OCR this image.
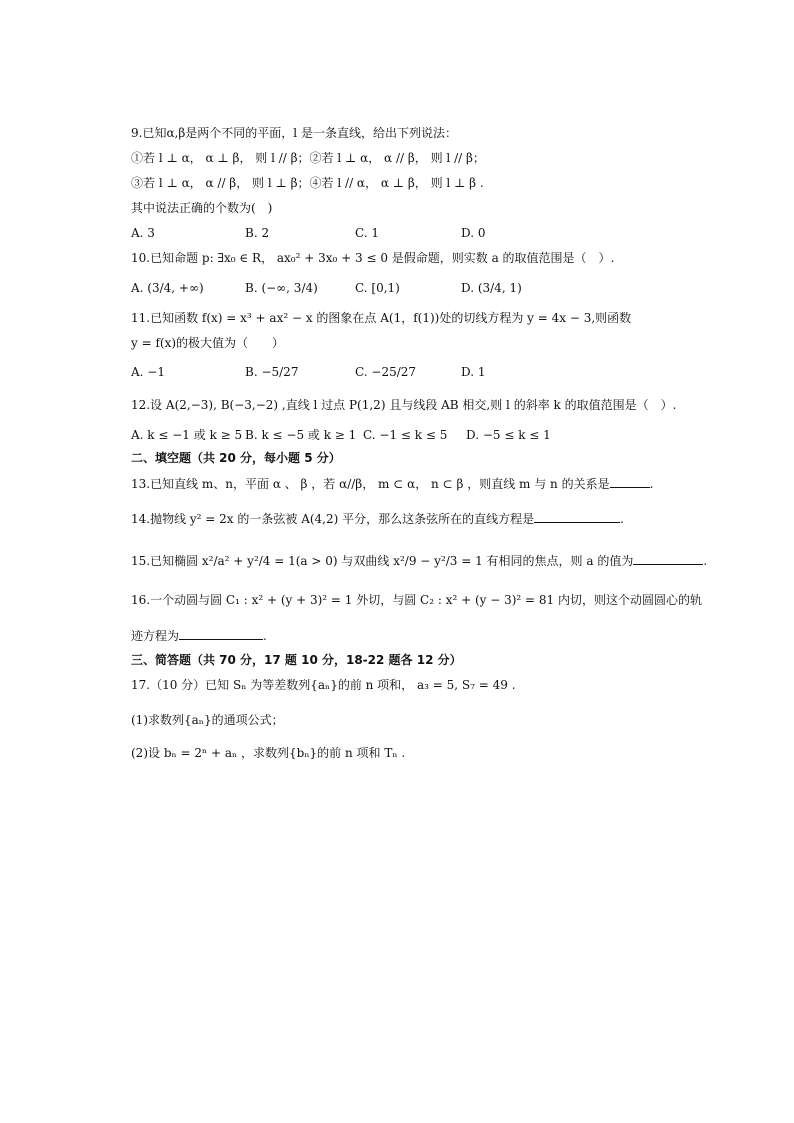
9.已知α,β是两个不同的平面，l 是一条直线，给出下列说法：
①若 l ⊥ α， α ⊥ β， 则 l // β；②若 l ⊥ α， α // β， 则 l // β；
③若 l ⊥ α， α // β， 则 l ⊥ β；④若 l // α， α ⊥ β， 则 l ⊥ β .
其中说法正确的个数为(　)
A. 3	B. 2	C. 1	D. 0
10.已知命题 p: ∃x₀ ∈ R， ax₀² + 3x₀ + 3 ≤ 0 是假命题，则实数 a 的取值范围是（　）.
A. (3/4, +∞)	B. (−∞, 3/4)	C. [0,1)	D. (3/4, 1)
11.已知函数 f(x) = x³ + ax² − x 的图象在点 A(1，f(1))处的切线方程为 y = 4x − 3,则函数
y = f(x)的极大值为（　　）
A. −1	B. −5/27	C. −25/27	D. 1
12.设 A(2,−3), B(−3,−2) ,直线 l 过点 P(1,2) 且与线段 AB 相交,则 l 的斜率 k 的取值范围是（　）.
A. k ≤ −1 或 k ≥ 5 B. k ≤ −5 或 k ≥ 1 C. −1 ≤ k ≤ 5 D. −5 ≤ k ≤ 1
二、填空题（共 20 分，每小题 5 分）
13.已知直线 m、n，平面 α 、 β ，若 α//β， m ⊂ α， n ⊂ β ，则直线 m 与 n 的关系是	.
14.抛物线 y² = 2x 的一条弦被 A(4,2) 平分，那么这条弦所在的直线方程是	.
15.已知椭圆 x²/a² + y²/4 = 1(a > 0) 与双曲线 x²/9 − y²/3 = 1 有相同的焦点，则 a 的值为	.
16.一个动圆与圆 C₁ : x² + (y + 3)² = 1 外切，与圆 C₂ : x² + (y − 3)² = 81 内切，则这个动圆圆心的轨
迹方程为	.
三、简答题（共 70 分，17 题 10 分，18-22 题各 12 分）
17.（10 分）已知 Sₙ 为等差数列{aₙ}的前 n 项和， a₃ = 5, S₇ = 49 .
(1)求数列{aₙ}的通项公式；
(2)设 bₙ = 2ⁿ + aₙ ，求数列{bₙ}的前 n 项和 Tₙ .
